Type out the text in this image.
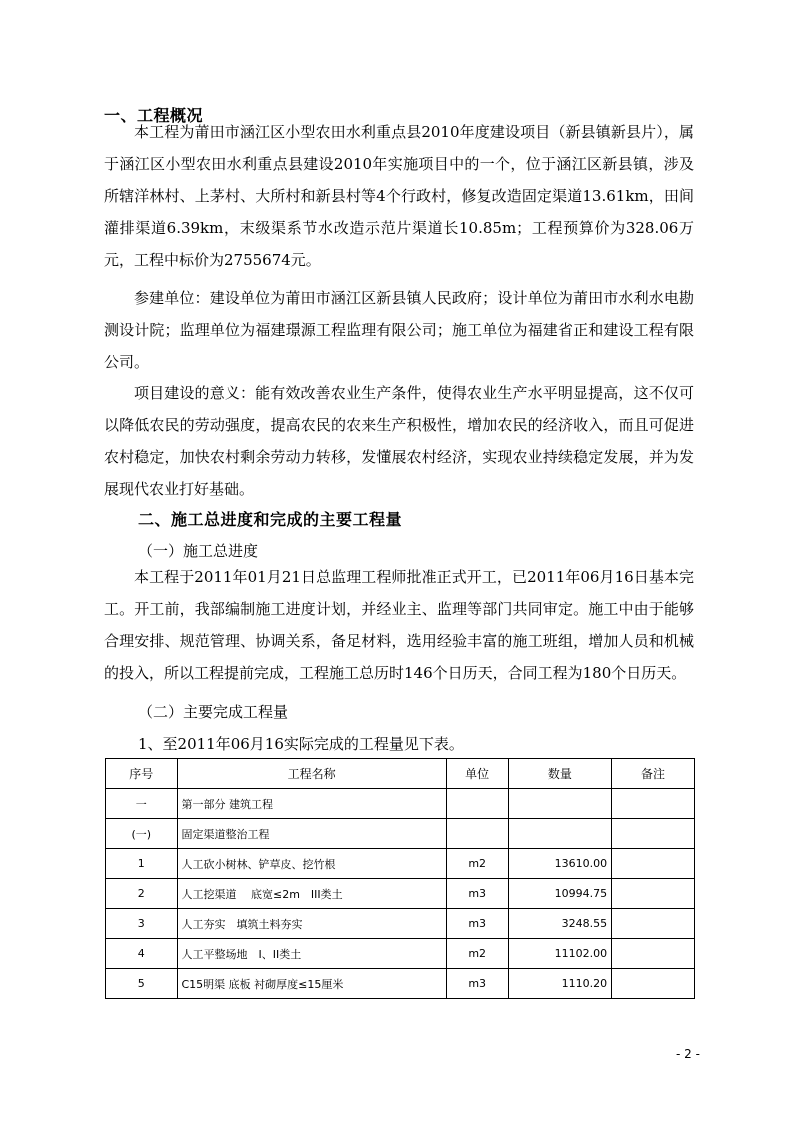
一、工程概况

本工程为莆田市涵江区小型农田水利重点县2010年度建设项目（新县镇新县片），属于涵江区小型农田水利重点县建设2010年实施项目中的一个，位于涵江区新县镇，涉及所辖洋林村、上茅村、大所村和新县村等4个行政村，修复改造固定渠道13.61km，田间灌排渠道6.39km，末级渠系节水改造示范片渠道长10.85m；工程预算价为328.06万元，工程中标价为2755674元。

参建单位：建设单位为莆田市涵江区新县镇人民政府；设计单位为莆田市水利水电勘测设计院；监理单位为福建璟源工程监理有限公司；施工单位为福建省正和建设工程有限公司。

项目建设的意义：能有效改善农业生产条件，使得农业生产水平明显提高，这不仅可以降低农民的劳动强度，提高农民的农来生产积极性，增加农民的经济收入，而且可促进农村稳定，加快农村剩余劳动力转移，发懂展农村经济，实现农业持续稳定发展，并为发展现代农业打好基础。

二、施工总进度和完成的主要工程量
（一）施工总进度

本工程于2011年01月21日总监理工程师批准正式开工，已2011年06月16日基本完工。开工前，我部编制施工进度计划，并经业主、监理等部门共同审定。施工中由于能够合理安排、规范管理、协调关系，备足材料，选用经验丰富的施工班组，增加人员和机械的投入，所以工程提前完成，工程施工总历时146个日历天，合同工程为180个日历天。

（二）主要完成工程量
1、至2011年06月16实际完成的工程量见下表。
序号	工程名称	单位	数量	备注
一	第一部分 建筑工程			
(一)	固定渠道整治工程			
1	人工砍小树林、铲草皮、挖竹根	m2	13610.00	
2	人工挖渠道　 底宽≤2m　III类土	m3	10994.75	
3	人工夯实　填筑土料夯实	m3	3248.55	
4	人工平整场地　I、II类土	m2	11102.00	
5	C15明渠 底板 衬砌厚度≤15厘米	m3	1110.20	
- 2 -
